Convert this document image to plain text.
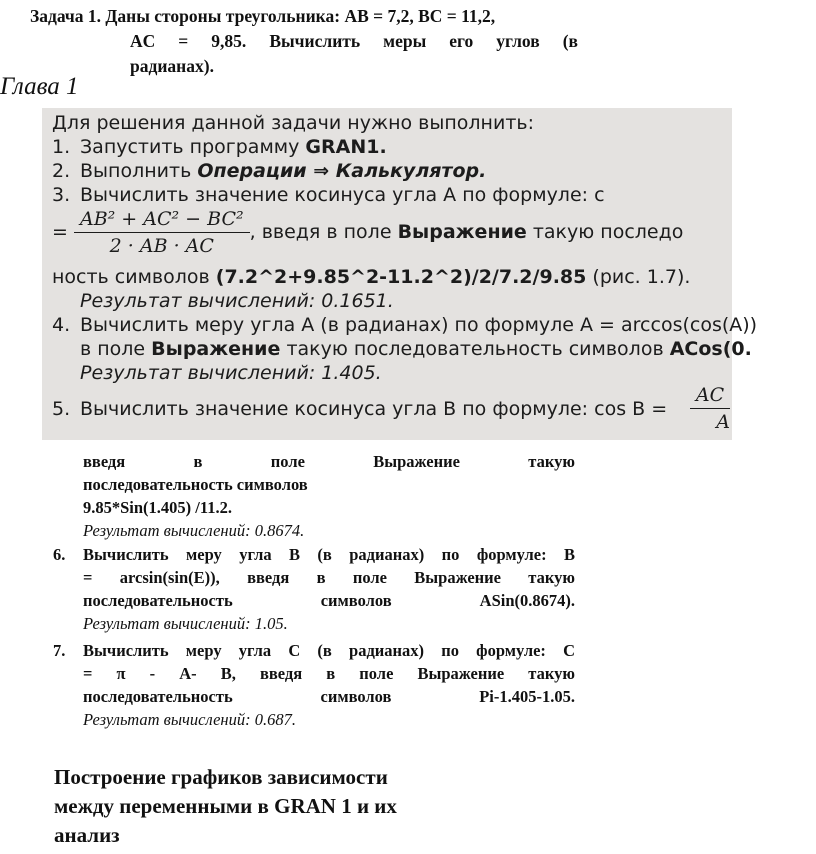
Задача 1. Даны стороны треугольника: AB = 7,2, BC = 11,2,
AC = 9,85. Вычислить меры его углов (в
радианах).
Глава 1
Для решения данной задачи нужно выполнить:
1. Запустить программу GRAN1.
2. Выполнить Операции ⇒ Калькулятор.
3. Вычислить значение косинуса угла A по формуле: с
= $\frac{\text{AB² + AC² − BC²}}{2 \cdot AB \cdot AC}$ , введя в поле Выражение такую последо
ность символов (7.2^2+9.85^2-11.2^2)/2/7.2/9.85 (рис. 1.7).
Результат вычислений: 0.1651.
4. Вычислить меру угла A (в радианах) по формуле A = arccos(cos(A))
в поле Выражение такую последовательность символов ACos(0.
Результат вычислений: 1.405.
5. Вычислить значение косинуса угла B по формуле: $\cos B = \frac{AC}{A}$
введя в поле Выражение такую
последовательность символов
9.85*Sin(1.405) /11.2.
Результат вычислений: 0.8674.
6.	Вычислить меру угла B (в радианах) по формуле: B
= arcsin(sin(E)), введя в поле Выражение такую
последовательность символов ASin(0.8674).
Результат вычислений: 1.05.
7.	Вычислить меру угла C (в радианах) по формуле: C
= π - A- B, введя в поле Выражение такую
последовательность символов Pi-1.405-1.05.
Результат вычислений: 0.687.
Построение графиков зависимости
между переменными в GRAN 1 и их
анализ
